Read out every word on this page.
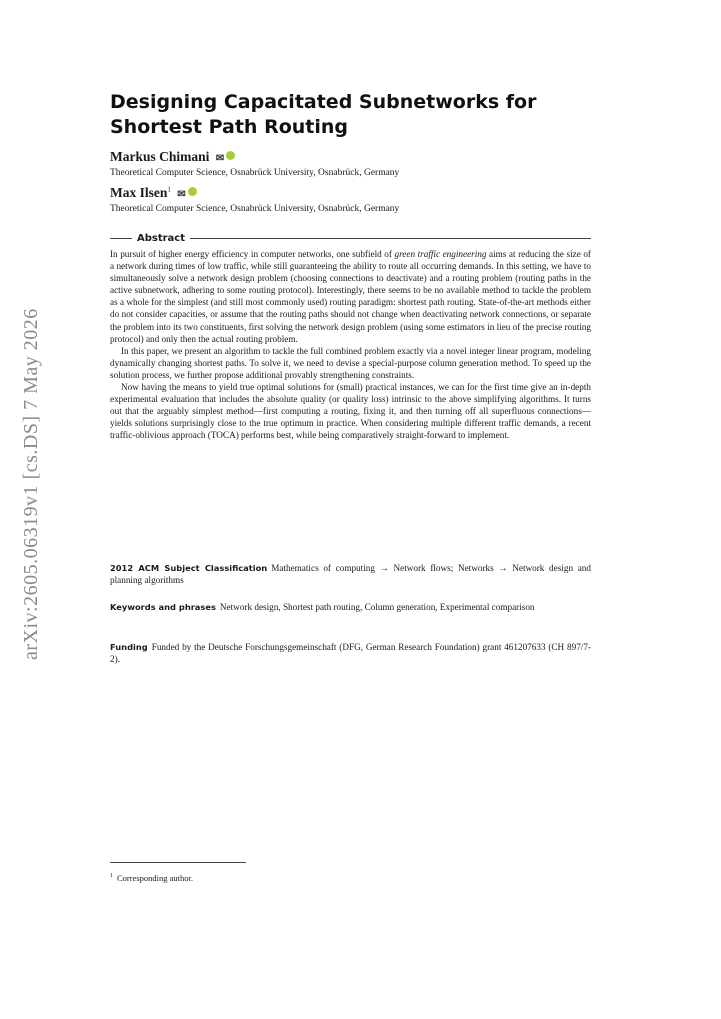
arXiv:2605.06319v1 [cs.DS] 7 May 2026
Designing Capacitated Subnetworks for
Shortest Path Routing
Markus Chimani ✉
Theoretical Computer Science, Osnabrück University, Osnabrück, Germany
Max Ilsen$^1$ ✉
Theoretical Computer Science, Osnabrück University, Osnabrück, Germany
Abstract

In pursuit of higher energy efficiency in computer networks, one subfield of green traffic engineering aims at reducing the size of a network during times of low traffic, while still guaranteeing the ability to route all occurring demands. In this setting, we have to simultaneously solve a network design problem (choosing connections to deactivate) and a routing problem (routing paths in the active subnetwork, adhering to some routing protocol). Interestingly, there seems to be no available method to tackle the problem as a whole for the simplest (and still most commonly used) routing paradigm: shortest path routing. State-of-the-art methods either do not consider capacities, or assume that the routing paths should not change when deactivating network connections, or separate the problem into its two constituents, first solving the network design problem (using some estimators in lieu of the precise routing protocol) and only then the actual routing problem.

In this paper, we present an algorithm to tackle the full combined problem exactly via a novel integer linear program, modeling dynamically changing shortest paths. To solve it, we need to devise a special-purpose column generation method. To speed up the solution process, we further propose additional provably strengthening constraints.

Now having the means to yield true optimal solutions for (small) practical instances, we can for the first time give an in-depth experimental evaluation that includes the absolute quality (or quality loss) intrinsic to the above simplifying algorithms. It turns out that the arguably simplest method—first computing a routing, fixing it, and then turning off all superfluous connections—yields solutions surprisingly close to the true optimum in practice. When considering multiple different traffic demands, a recent traffic-oblivious approach (TOCA) performs best, while being comparatively straight-forward to implement.

2012 ACM Subject Classification Mathematics of computing → Network flows; Networks → Network design and planning algorithms
Keywords and phrases Network design, Shortest path routing, Column generation, Experimental comparison
Funding Funded by the Deutsche Forschungsgemeinschaft (DFG, German Research Foundation) grant 461207633 (CH 897/7-2).
$^1$ Corresponding author.
